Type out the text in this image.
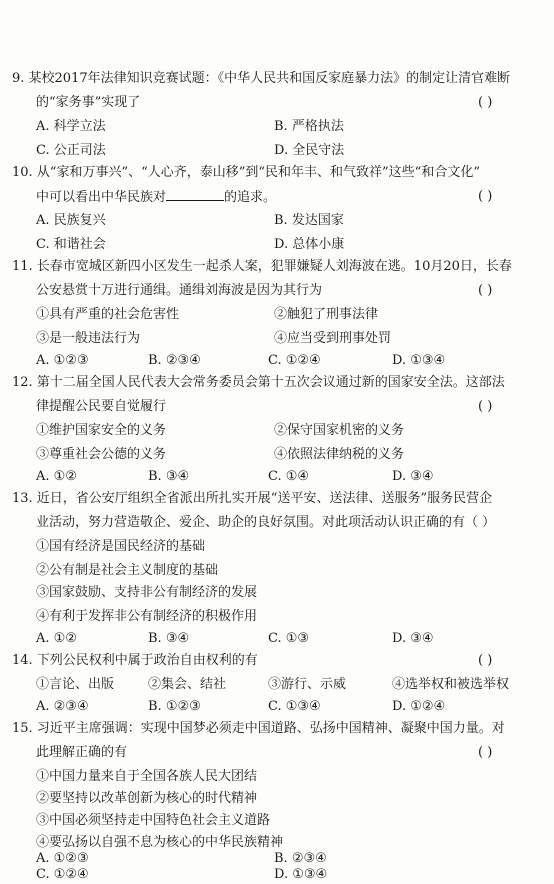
9. 某校2017年法律知识竞赛试题：《中华人民共和国反家庭暴力法》的制定让清官难断
的“家务事”实现了	( )
A. 科学立法	B. 严格执法
C. 公正司法	D. 全民守法
10. 从“家和万事兴”、“人心齐，泰山移”到“民和年丰、和气致祥”这些“和合文化”
中可以看出中华民族对	的追求。	( )
A. 民族复兴	B. 发达国家
C. 和谐社会	D. 总体小康
11. 长春市宽城区新四小区发生一起杀人案，犯罪嫌疑人刘海波在逃。10月20日，长春
公安悬赏十万进行通缉。通缉刘海波是因为其行为	( )
①具有严重的社会危害性	②触犯了刑事法律
③是一般违法行为	④应当受到刑事处罚
A. ①②③	B. ②③④	C. ①②④	D. ①③④
12. 第十二届全国人民代表大会常务委员会第十五次会议通过新的国家安全法。这部法
律提醒公民要自觉履行	( )
①维护国家安全的义务	②保守国家机密的义务
③尊重社会公德的义务	④依照法律纳税的义务
A. ①②	B. ③④	C. ①④	D. ③④
13. 近日，省公安厅组织全省派出所扎实开展“送平安、送法律、送服务”服务民营企
业活动，努力营造敬企、爱企、助企的良好氛围。对此项活动认识正确的有（ ）
①国有经济是国民经济的基础
②公有制是社会主义制度的基础
③国家鼓励、支持非公有制经济的发展
④有利于发挥非公有制经济的积极作用
A. ①②	B. ③④	C. ①③	D. ③④
14. 下列公民权利中属于政治自由权利的有	( )
①言论、出版	②集会、结社	③游行、示威	④选举权和被选举权
A. ②③④	B. ①②③	C. ①③④	D. ①②④
15. 习近平主席强调：实现中国梦必须走中国道路、弘扬中国精神、凝聚中国力量。对
此理解正确的有	( )
①中国力量来自于全国各族人民大团结
②要坚持以改革创新为核心的时代精神
③中国必须坚持走中国特色社会主义道路
④要弘扬以自强不息为核心的中华民族精神
A. ①②③	B. ②③④
C. ①②④	D. ①③④
